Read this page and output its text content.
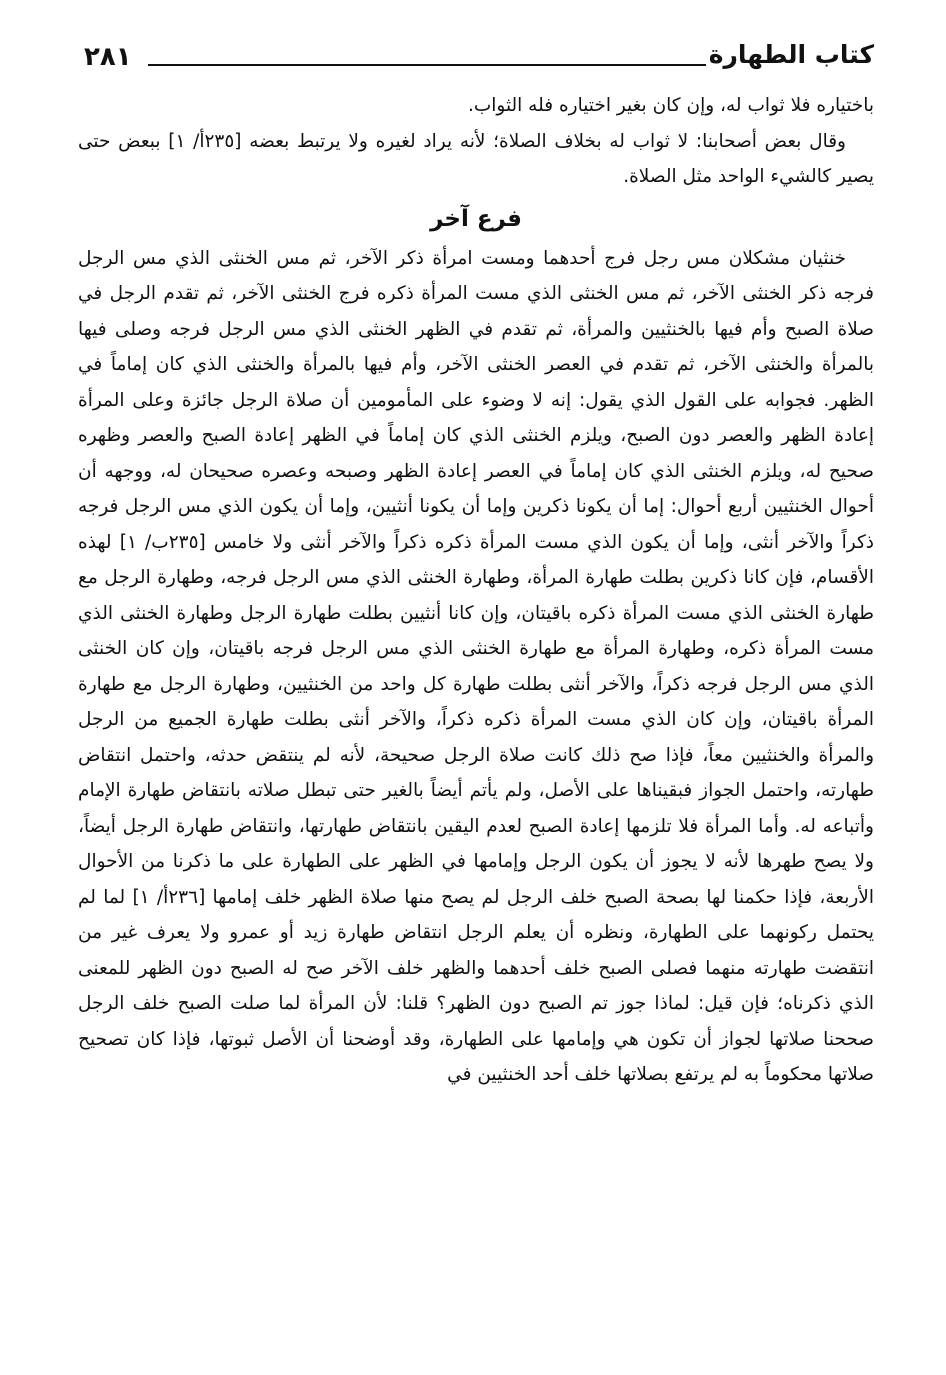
٢٨١	كتاب الطهارة

باختياره فلا ثواب له، وإن كان بغير اختياره فله الثواب.

وقال بعض أصحابنا: لا ثواب له بخلاف الصلاة؛ لأنه يراد لغيره ولا يرتبط بعضه [٢٣٥أ/ ١] ببعض حتى يصير كالشيء الواحد مثل الصلاة.

فرع آخر

خنثيان مشكلان مس رجل فرج أحدهما ومست امرأة ذكر الآخر، ثم مس الخنثى الذي مس الرجل فرجه ذكر الخنثى الآخر، ثم مس الخنثى الذي مست المرأة ذكره فرج الخنثى الآخر، ثم تقدم الرجل في صلاة الصبح وأم فيها بالخنثيين والمرأة، ثم تقدم في الظهر الخنثى الذي مس الرجل فرجه وصلى فيها بالمرأة والخنثى الآخر، ثم تقدم في العصر الخنثى الآخر، وأم فيها بالمرأة والخنثى الذي كان إماماً في الظهر. فجوابه على القول الذي يقول: إنه لا وضوء على المأمومين أن صلاة الرجل جائزة وعلى المرأة إعادة الظهر والعصر دون الصبح، ويلزم الخنثى الذي كان إماماً في الظهر إعادة الصبح والعصر وظهره صحيح له، ويلزم الخنثى الذي كان إماماً في العصر إعادة الظهر وصبحه وعصره صحيحان له، ووجهه أن أحوال الخنثيين أربع أحوال: إما أن يكونا ذكرين وإما أن يكونا أنثيين، وإما أن يكون الذي مس الرجل فرجه ذكراً والآخر أنثى، وإما أن يكون الذي مست المرأة ذكره ذكراً والآخر أنثى ولا خامس [٢٣٥ب/ ١] لهذه الأقسام، فإن كانا ذكرين بطلت طهارة المرأة، وطهارة الخنثى الذي مس الرجل فرجه، وطهارة الرجل مع طهارة الخنثى الذي مست المرأة ذكره باقيتان، وإن كانا أنثيين بطلت طهارة الرجل وطهارة الخنثى الذي مست المرأة ذكره، وطهارة المرأة مع طهارة الخنثى الذي مس الرجل فرجه باقيتان، وإن كان الخنثى الذي مس الرجل فرجه ذكراً، والآخر أنثى بطلت طهارة كل واحد من الخنثيين، وطهارة الرجل مع طهارة المرأة باقيتان، وإن كان الذي مست المرأة ذكره ذكراً، والآخر أنثى بطلت طهارة الجميع من الرجل والمرأة والخنثيين معاً، فإذا صح ذلك كانت صلاة الرجل صحيحة، لأنه لم ينتقض حدثه، واحتمل انتقاض طهارته، واحتمل الجواز فبقيناها على الأصل، ولم يأتم أيضاً بالغير حتى تبطل صلاته بانتقاض طهارة الإمام وأتباعه له. وأما المرأة فلا تلزمها إعادة الصبح لعدم اليقين بانتقاض طهارتها، وانتقاض طهارة الرجل أيضاً، ولا يصح طهرها لأنه لا يجوز أن يكون الرجل وإمامها في الظهر على الطهارة على ما ذكرنا من الأحوال الأربعة، فإذا حكمنا لها بصحة الصبح خلف الرجل لم يصح منها صلاة الظهر خلف إمامها [٢٣٦أ/ ١] لما لم يحتمل ركونهما على الطهارة، ونظره أن يعلم الرجل انتقاض طهارة زيد أو عمرو ولا يعرف غير من انتقضت طهارته منهما فصلى الصبح خلف أحدهما والظهر خلف الآخر صح له الصبح دون الظهر للمعنى الذي ذكرناه؛ فإن قيل: لماذا جوز تم الصبح دون الظهر؟ قلنا: لأن المرأة لما صلت الصبح خلف الرجل صححنا صلاتها لجواز أن تكون هي وإمامها على الطهارة، وقد أوضحنا أن الأصل ثبوتها، فإذا كان تصحيح صلاتها محكوماً به لم يرتفع بصلاتها خلف أحد الخنثيين في
